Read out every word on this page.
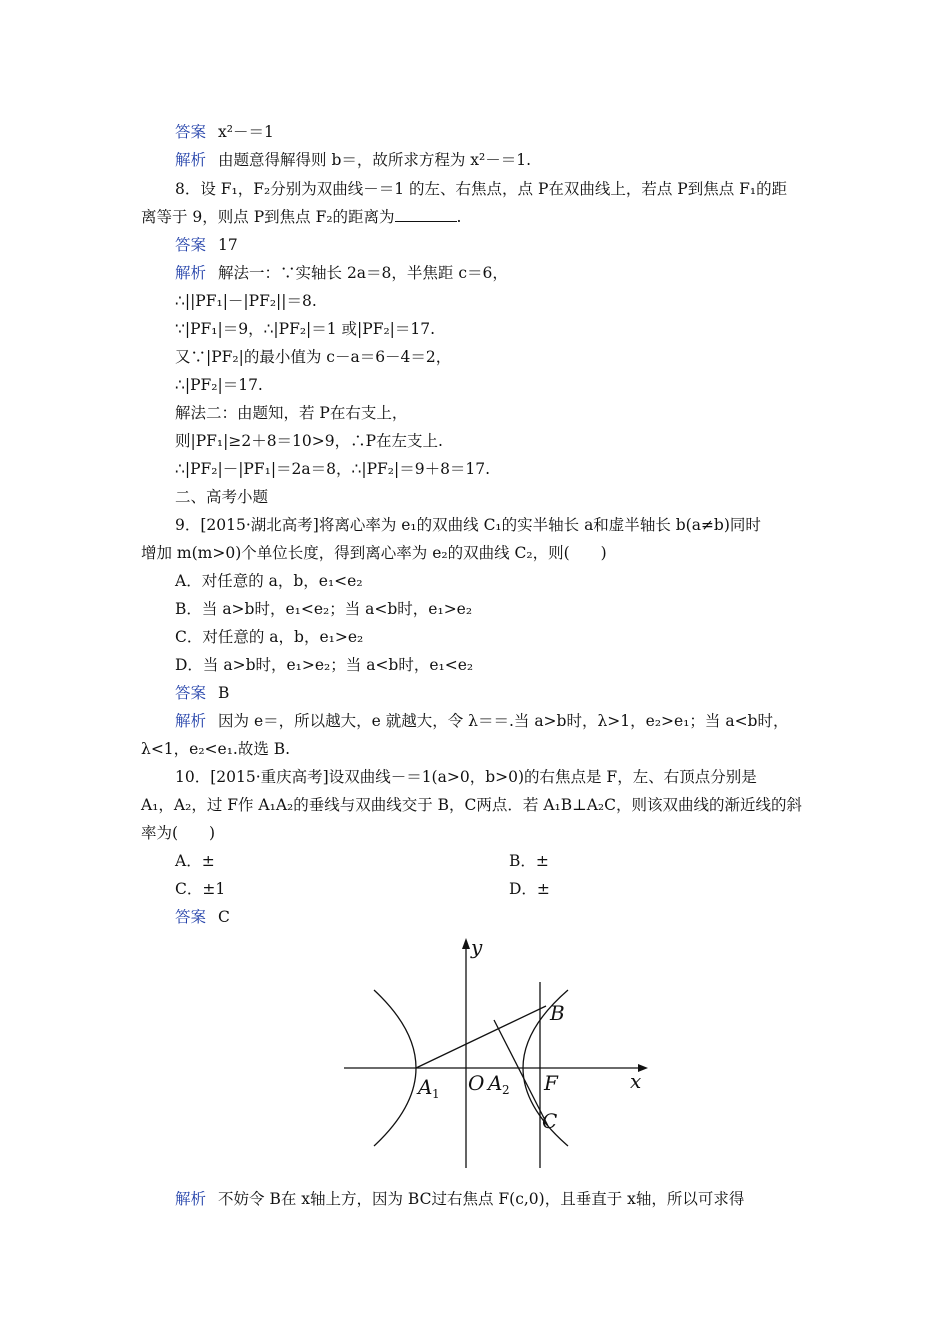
答案 x²－＝1
解析 由题意得解得则 b＝，故所求方程为 x²－＝1.
8．设 F₁，F₂分别为双曲线－＝1 的左、右焦点，点 P在双曲线上，若点 P到焦点 F₁的距
离等于 9，则点 P到焦点 F₂的距离为	.
答案 17
解析 解法一：∵实轴长 2a＝8，半焦距 c＝6，
∴||PF₁|－|PF₂||＝8.
∵|PF₁|＝9，∴|PF₂|＝1 或|PF₂|＝17.
又∵|PF₂|的最小值为 c－a＝6－4＝2，
∴|PF₂|＝17.
解法二：由题知，若 P在右支上，
则|PF₁|≥2＋8＝10>9，∴P在左支上.
∴|PF₂|－|PF₁|＝2a＝8，∴|PF₂|＝9＋8＝17.
二、高考小题
9．[2015·湖北高考]将离心率为 e₁的双曲线 C₁的实半轴长 a和虚半轴长 b(a≠b)同时
增加 m(m>0)个单位长度，得到离心率为 e₂的双曲线 C₂，则(　　)
A．对任意的 a，b，e₁<e₂
B．当 a>b时，e₁<e₂；当 a<b时，e₁>e₂
C．对任意的 a，b，e₁>e₂
D．当 a>b时，e₁>e₂；当 a<b时，e₁<e₂
答案 B
解析 因为 e＝，所以越大，e 就越大，令 λ＝＝.当 a>b时，λ>1，e₂>e₁；当 a<b时，
λ<1，e₂<e₁.故选 B.
10．[2015·重庆高考]设双曲线－＝1(a>0，b>0)的右焦点是 F，左、右顶点分别是
A₁，A₂，过 F作 A₁A₂的垂线与双曲线交于 B，C两点．若 A₁B⊥A₂C，则该双曲线的渐近线的斜
率为(　　)
A．±	B．±
C．±1	D．±
答案 C
y
x
B
C
F
O
A 1 A 2
解析 不妨令 B在 x轴上方，因为 BC过右焦点 F(c,0)，且垂直于 x轴，所以可求得
